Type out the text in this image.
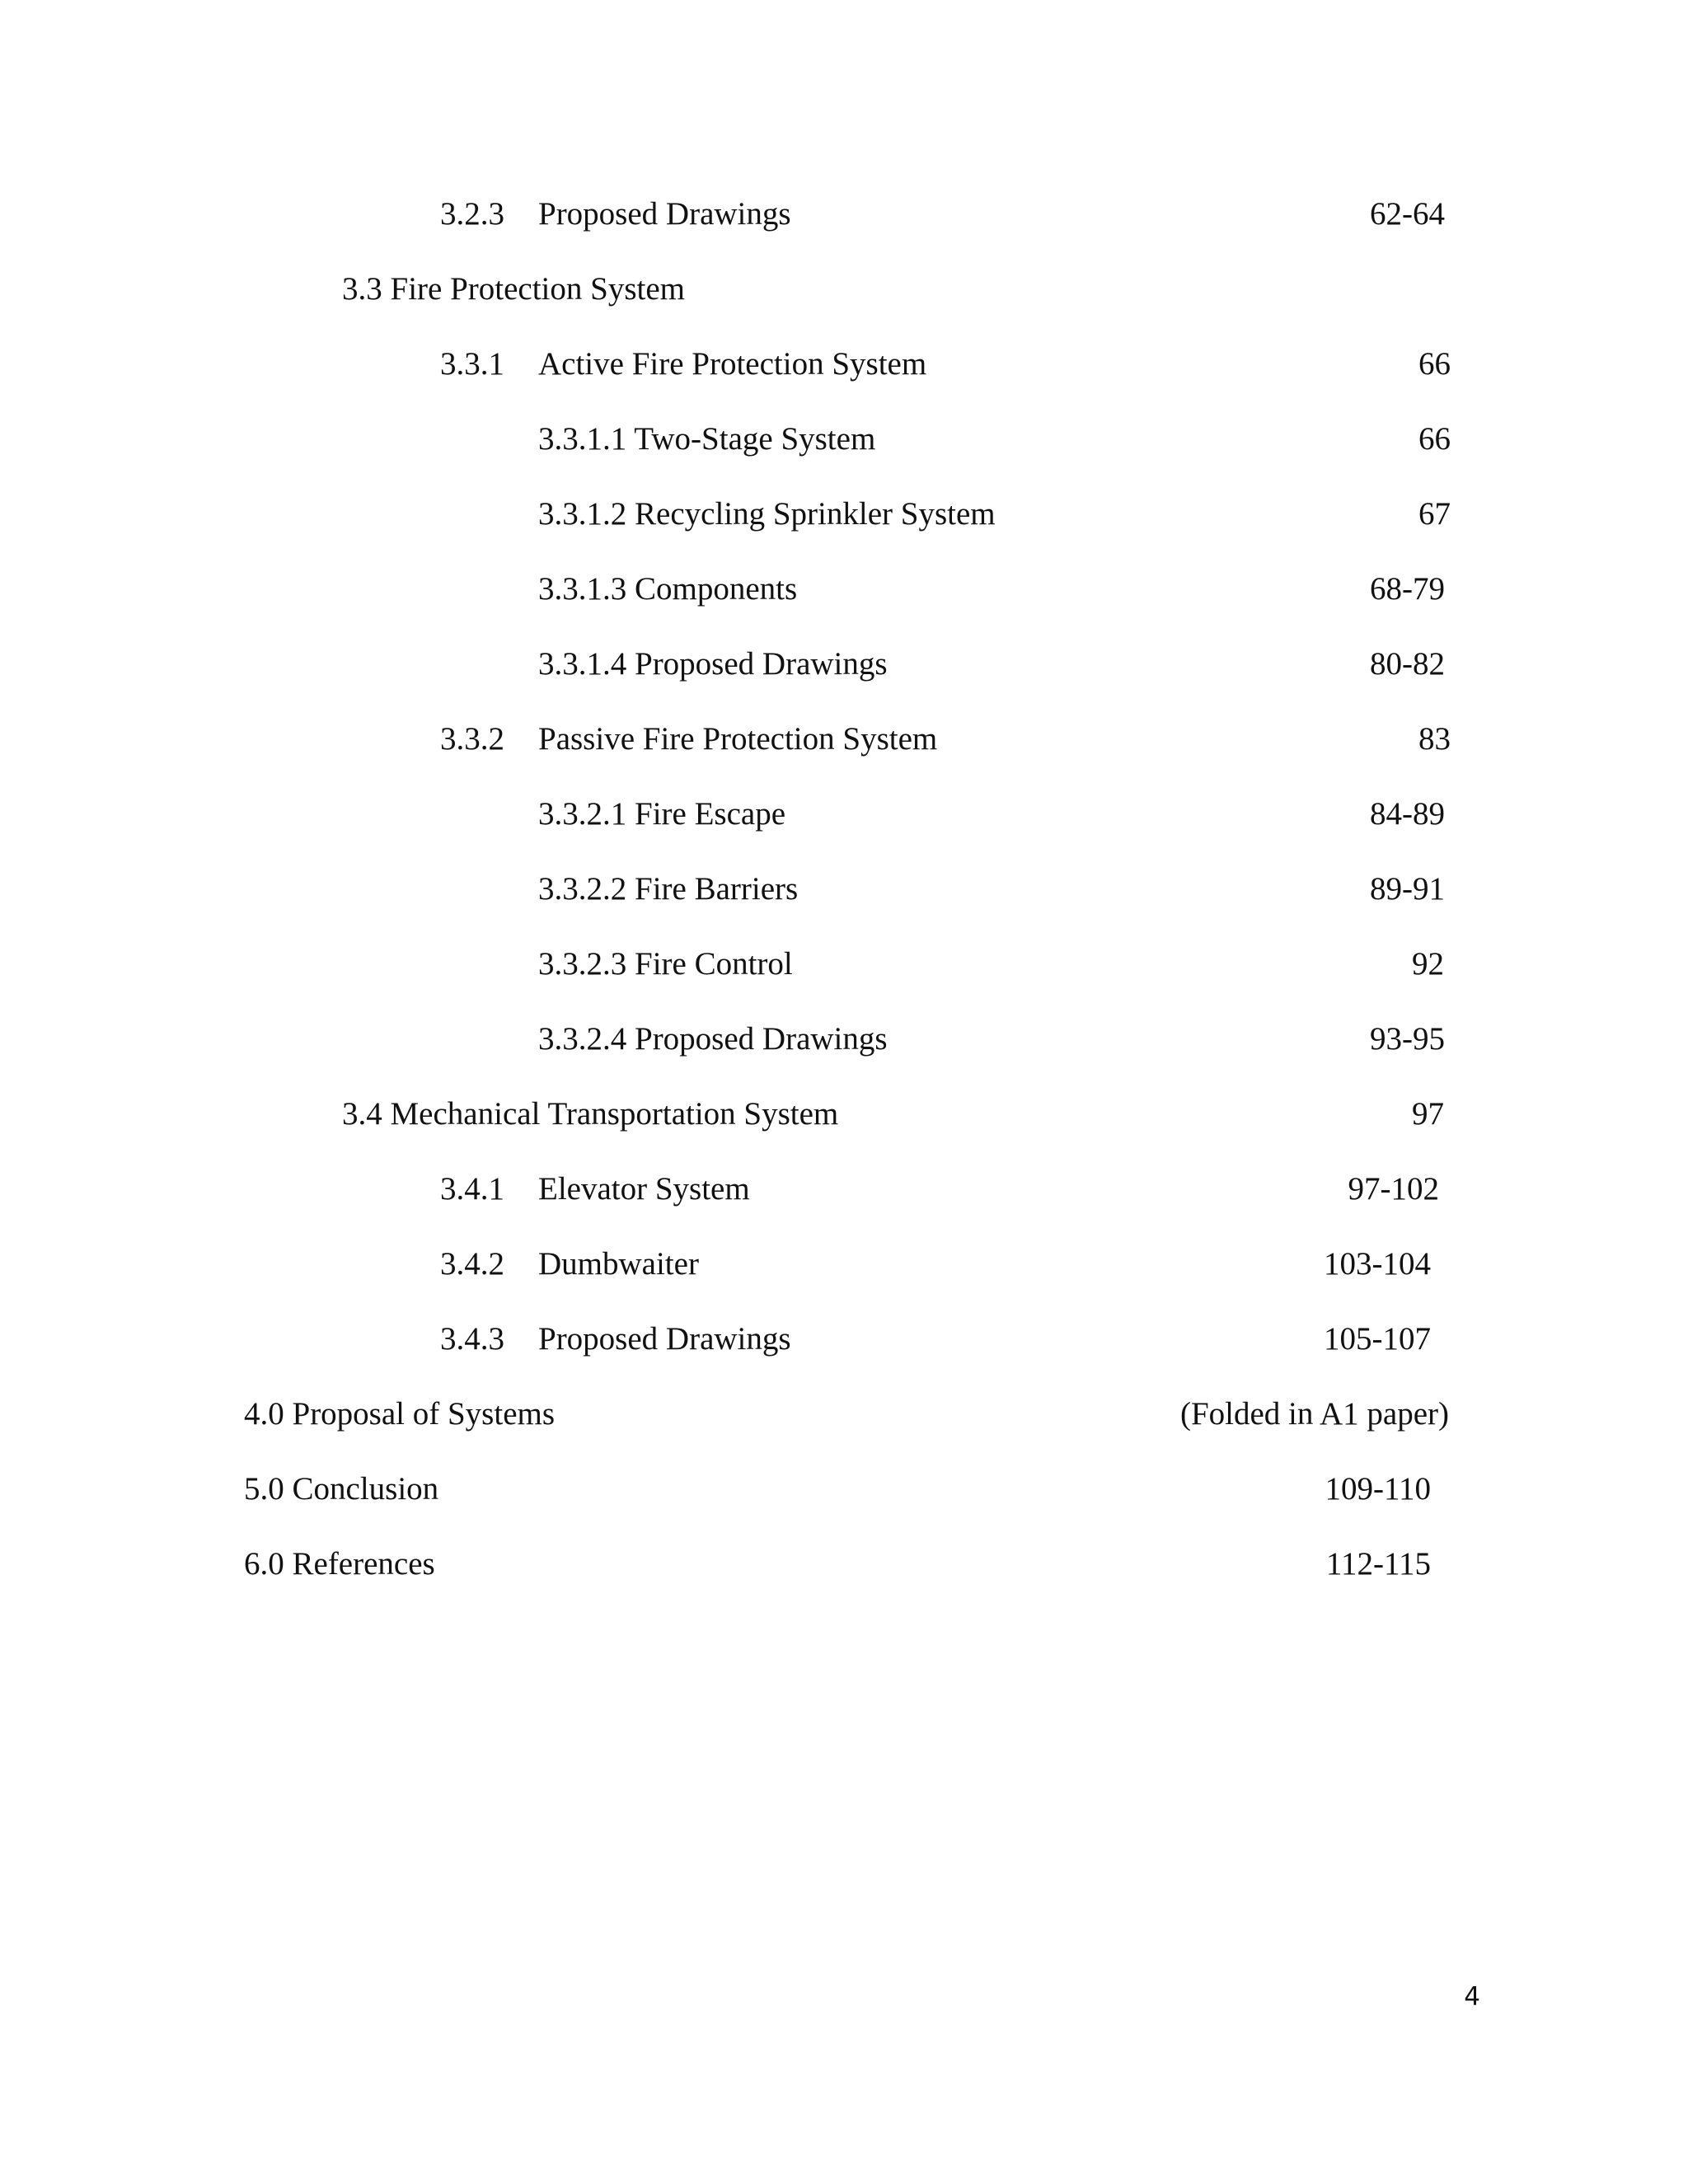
3.2.3 Proposed Drawings	62-64
3.3 Fire Protection System
3.3.1 Active Fire Protection System	66
3.3.1.1 Two-Stage System	66
3.3.1.2 Recycling Sprinkler System	67
3.3.1.3 Components	68-79
3.3.1.4 Proposed Drawings	80-82
3.3.2 Passive Fire Protection System	83
3.3.2.1 Fire Escape	84-89
3.3.2.2 Fire Barriers	89-91
3.3.2.3 Fire Control	92
3.3.2.4 Proposed Drawings	93-95
3.4 Mechanical Transportation System	97
3.4.1 Elevator System	97-102
3.4.2 Dumbwaiter	103-104
3.4.3 Proposed Drawings	105-107
4.0 Proposal of Systems	(Folded in A1 paper)
5.0 Conclusion	109-110
6.0 References	112-115
4
